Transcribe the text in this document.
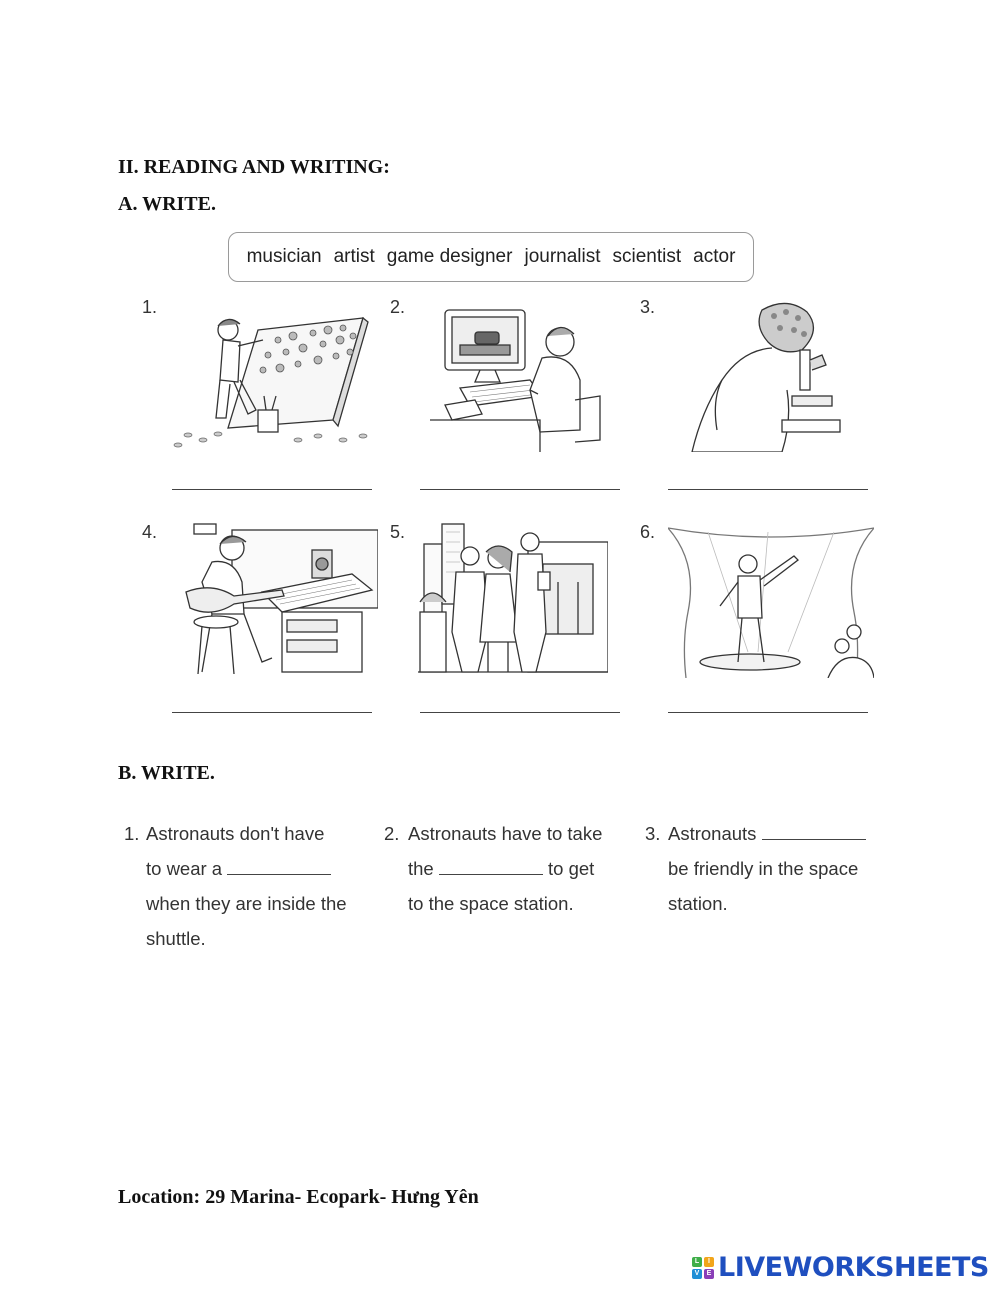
II. READING AND WRITING:
A. WRITE.
musician artist game designer journalist scientist actor
1.	2.	3.
4.	5.	6.
B. WRITE.
1. Astronauts don't have
to wear a
when they are inside the
shuttle.
2. Astronauts have to take
the	to get
to the space station.
3. Astronauts
be friendly in the space
station.

Location: 29 Marina- Ecopark- Hưng Yên

L	I
V	E LIVEWORKSHEETS
